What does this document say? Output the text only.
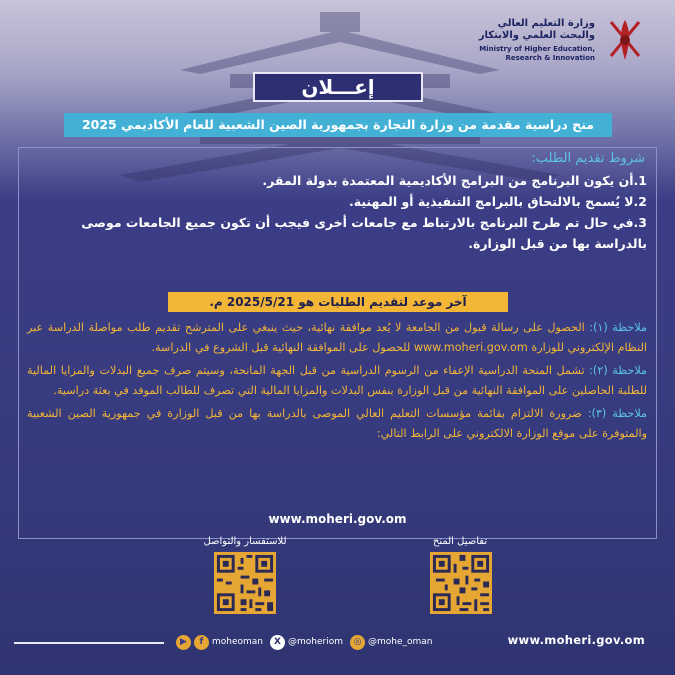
وزارة التعليم العالي
والبحث العلمي والابتكار
Ministry of Higher Education,
Research & Innovation
إعـــلان
منح دراسية مقدمة من وزارة التجارة بجمهورية الصين الشعبية للعام الأكاديمي 2025
شروط تقديم الطلب:
1.أن يكون البرنامج من البرامج الأكاديمية المعتمدة بدولة المقر.
2.لا يُسمح بالالتحاق بالبرامج التنفيذية أو المهنية.
3.في حال تم طرح البرنامج بالارتباط مع جامعات أخرى فيجب أن تكون جميع الجامعات موصى بالدراسة بها من قبل الوزارة.
آخر موعد لتقديم الطلبات هو 2025/5/21 م.
ملاحظة (١): الحصول على رسالة قبول من الجامعة لا يُعد موافقة نهائية، حيث ينبغي على المترشح تقديم طلب مواصلة الدراسة عبر النظام الإلكتروني للوزارة www.moheri.gov.om للحصول على الموافقة النهائية قبل الشروع في الدراسة.
ملاحظة (٢): تشمل المنحة الدراسية الإعفاء من الرسوم الدراسية من قبل الجهة المانحة، وسيتم صرف جميع البدلات والمزايا المالية للطلبة الحاصلين على الموافقة النهائية من قبل الوزارة بنفس البدلات والمزايا المالية التي تصرف للطالب الموفد في بعثة دراسية.
ملاحظة (٣): ضرورة الالتزام بقائمة مؤسسات التعليم العالي الموصى بالدراسة بها من قبل الوزارة في جمهورية الصين الشعبية والمتوفرة على موقع الوزارة الالكتروني على الرابط التالي:
www.moheri.gov.om
للاستفسار والتواصل	تفاصيل المنح
▶	f moheoman	X @moheriom	◎ @mohe_oman	www.moheri.gov.om
